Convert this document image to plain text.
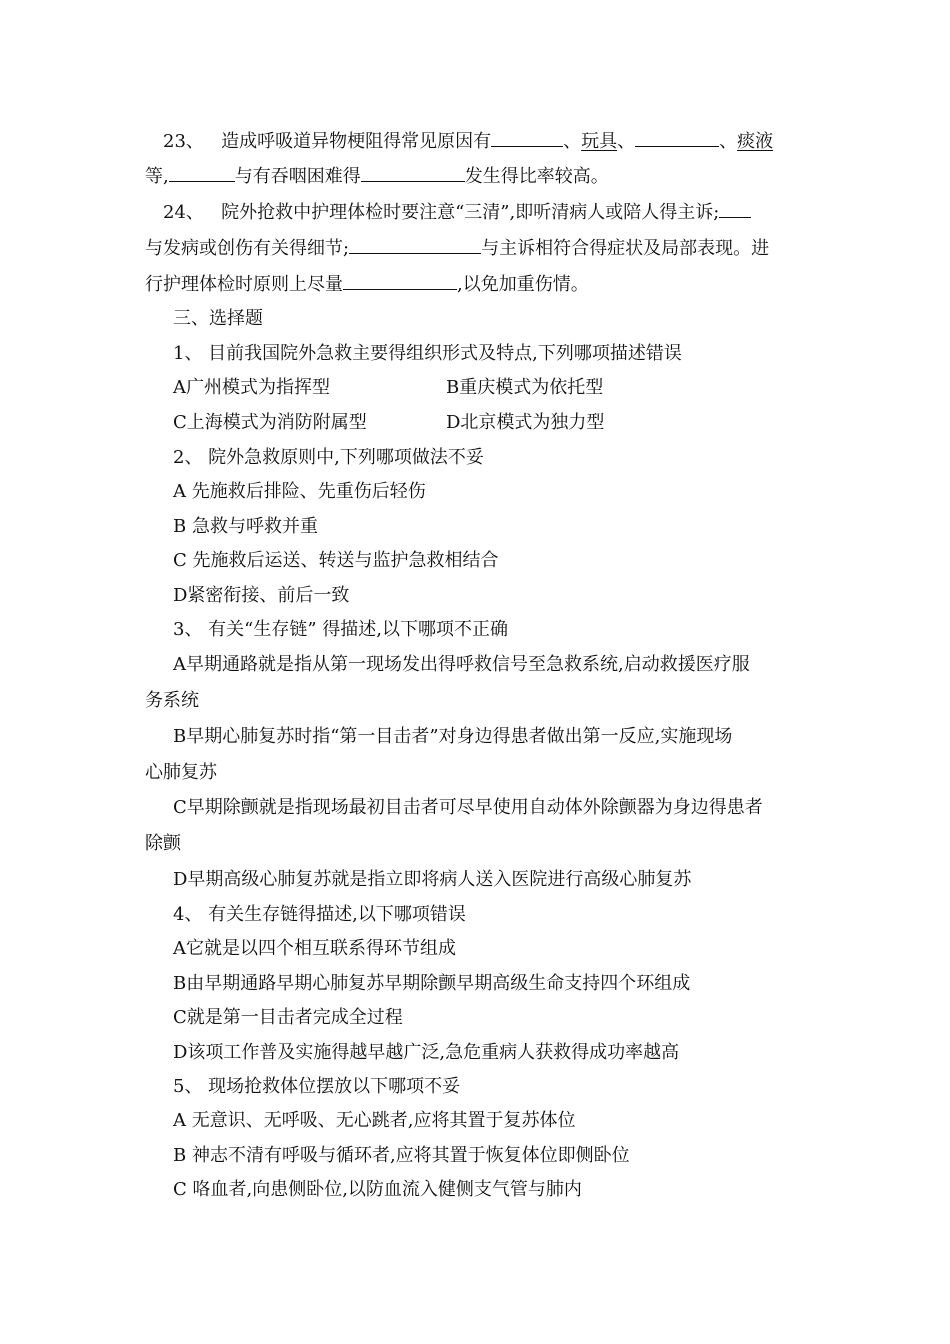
23、 造成呼吸道异物梗阻得常见原因有	、玩具、	、痰液
等,	与有吞咽困难得	发生得比率较高。
24、 院外抢救中护理体检时要注意“三清”,即听清病人或陪人得主诉;
与发病或创伤有关得细节;	与主诉相符合得症状及局部表现。进
行护理体检时原则上尽量	,以免加重伤情。
三、选择题
1、 目前我国院外急救主要得组织形式及特点,下列哪项描述错误
A广州模式为指挥型	B重庆模式为依托型
C上海模式为消防附属型	D北京模式为独力型
2、 院外急救原则中,下列哪项做法不妥
A 先施救后排险、先重伤后轻伤
B 急救与呼救并重
C 先施救后运送、转送与监护急救相结合
D紧密衔接、前后一致
3、 有关“生存链” 得描述,以下哪项不正确
A早期通路就是指从第一现场发出得呼救信号至急救系统,启动救援医疗服
务系统
B早期心肺复苏时指“第一目击者”对身边得患者做出第一反应,实施现场
心肺复苏
C早期除颤就是指现场最初目击者可尽早使用自动体外除颤器为身边得患者
除颤
D早期高级心肺复苏就是指立即将病人送入医院进行高级心肺复苏
4、 有关生存链得描述,以下哪项错误
A它就是以四个相互联系得环节组成
B由早期通路早期心肺复苏早期除颤早期高级生命支持四个环组成
C就是第一目击者完成全过程
D该项工作普及实施得越早越广泛,急危重病人获救得成功率越高
5、 现场抢救体位摆放以下哪项不妥
A 无意识、无呼吸、无心跳者,应将其置于复苏体位
B 神志不清有呼吸与循环者,应将其置于恢复体位即侧卧位
C 咯血者,向患侧卧位,以防血流入健侧支气管与肺内
